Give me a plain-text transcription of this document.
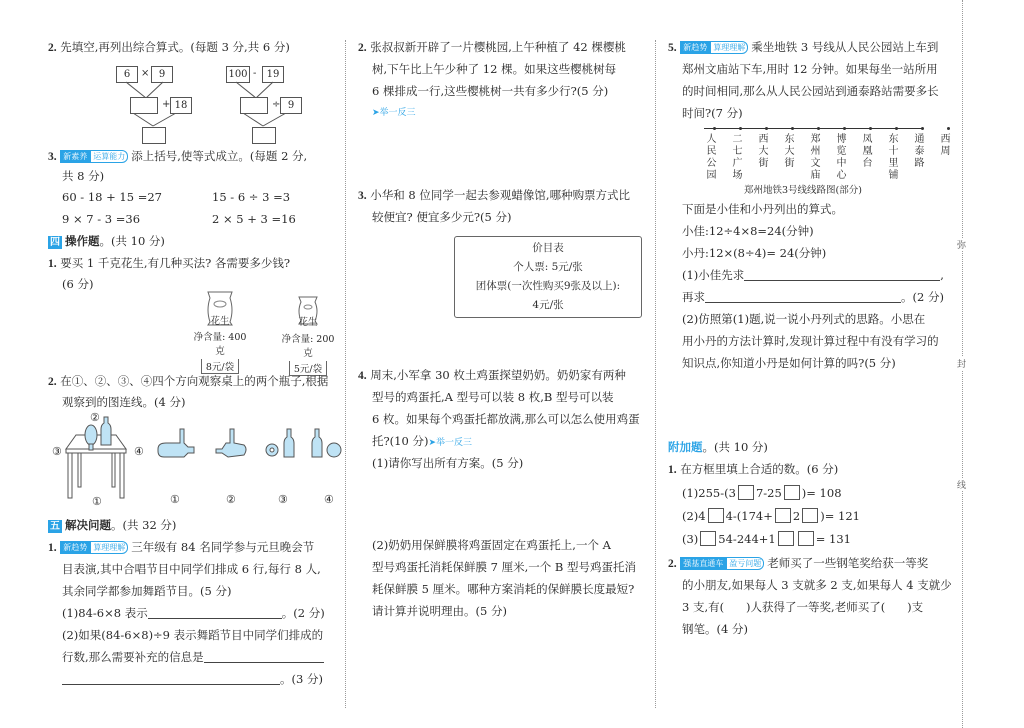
弥
封
线
2. 先填空,再列出综合算式。(每题 3 分,共 6 分)
6	× 9
+ 18
100 -	19
÷ 9
3. 新素养 运算能力 添上括号,使等式成立。(每题 2 分,
共 8 分)
60 - 18 + 15 =27	15 - 6 ÷ 3 =3
9 × 7 - 3 =36	2 × 5 + 3 =16
四 操作题。(共 10 分)
1. 要买 1 千克花生,有几种买法? 各需要多少钱?
(6 分)
花生
净含量: 400克
8元/袋
花生
净含量: 200克
5元/袋
2. 在①、②、③、④四个方向观察桌上的两个瓶子,根据
观察到的图连线。(4 分)
②
③	④
①	①	②	③	④
五 解决问题。(共 32 分)
1. 新趋势 算理理解 三年级有 84 名同学参与元旦晚会节
目表演,其中合唱节目中同学们排成 6 行,每行 8 人,
其余同学都参加舞蹈节目。(5 分)
(1)84-6×8 表示	。(2 分)
(2)如果(84-6×8)÷9 表示舞蹈节目中同学们排成的
行数,那么需要补充的信息是
。(3 分)
2. 张叔叔新开辟了一片樱桃园,上午种植了 42 棵樱桃
树,下午比上午少种了 12 棵。如果这些樱桃树每
6 棵排成一行,这些樱桃树一共有多少行?(5 分)
➤举一反三
3. 小华和 8 位同学一起去参观蜡像馆,哪种购票方式比
较便宜? 便宜多少元?(5 分)
价目表
个人票: 5元/张
团体票(一次性购买9张及以上):
4元/张
4. 周末,小军拿 30 枚土鸡蛋探望奶奶。奶奶家有两种
型号的鸡蛋托,A 型号可以装 8 枚,B 型号可以装
6 枚。如果每个鸡蛋托都放满,那么可以怎么使用鸡蛋
托?(10 分)➤举一反三
(1)请你写出所有方案。(5 分)
(2)奶奶用保鲜膜将鸡蛋固定在鸡蛋托上,一个 A
型号鸡蛋托消耗保鲜膜 7 厘米,一个 B 型号鸡蛋托消
耗保鲜膜 5 厘米。哪种方案消耗的保鲜膜长度最短?
请计算并说明理由。(5 分)
5. 新趋势 算理理解 乘坐地铁 3 号线从人民公园站上车到
郑州文庙站下车,用时 12 分钟。如果每坐一站所用
的时间相同,那么从人民公园站到通泰路站需要多长
时间?(7 分)
人民公园
二七广场
西大街
东大街
郑州文庙
博览中心
凤凰台
东十里铺
通泰路
西周
郑州地铁3号线线路图(部分)
下面是小佳和小丹列出的算式。
小佳:12÷4×8=24(分钟)
小丹:12×(8÷4)= 24(分钟)
(1)小佳先求	,
再求	。(2 分)
(2)仿照第(1)题,说一说小丹列式的思路。小思在
用小丹的方法计算时,发现计算过程中有没有学习的
知识点,你知道小丹是如何计算的吗?(5 分)
附加题。(共 10 分)
1. 在方框里填上合适的数。(6 分)
(1)255-(3 7-25 )= 108
(2)4 4-(174+ 2 )= 121
(3) 54-244+1	= 131
2. 强基直通车 盈亏问题 老师买了一些钢笔奖给获一等奖
的小朋友,如果每人 3 支就多 2 支,如果每人 4 支就少
3 支,有(      )人获得了一等奖,老师买了(      )支
钢笔。(4 分)
